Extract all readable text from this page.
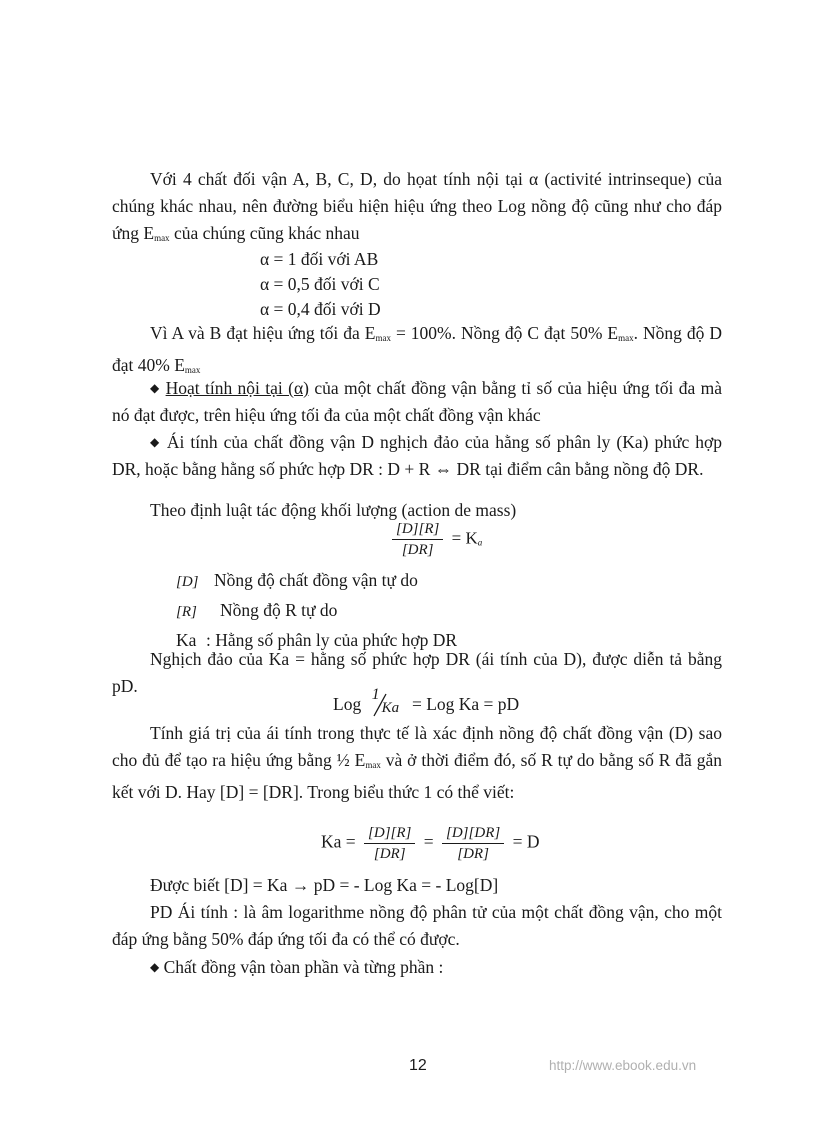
Với 4 chất đối vận A, B, C, D, do họat tính nội tại α (activité intrinseque) của chúng khác nhau, nên đường biểu hiện hiệu ứng theo Log nồng độ cũng như cho đáp ứng $E_{max}$ của chúng cũng khác nhau

α = 1 đối với AB
α = 0,5 đối với C
α = 0,4 đối với D

Vì A và B đạt hiệu ứng tối đa $E_{max} = 100\%$. Nồng độ C đạt 50% $E_{max}$. Nồng độ D đạt 40% $E_{max}$

◆ Hoạt tính nội tại (α) của một chất đồng vận bằng tỉ số của hiệu ứng tối đa mà nó đạt được, trên hiệu ứng tối đa của một chất đồng vận khác

◆ Ái tính của chất đồng vận D nghịch đảo của hằng số phân ly (Ka) phức hợp DR, hoặc bằng hằng số phức hợp DR : D + R ⇔ DR tại điểm cân bằng nồng độ DR.

Theo định luật tác động khối lượng (action de mass)

$\frac{[D][R]}{[DR]} = K_a$
[D] Nồng độ chất đồng vận tự do
[R] Nồng độ R tự do
Ka : Hằng số phân ly của phức hợp DR

Nghịch đảo của Ka = hằng số phức hợp DR (ái tính của D), được diễn tả bằng pD.

Log 1
Ka = Log Ka = pD

Tính giá trị của ái tính trong thực tế là xác định nồng độ chất đồng vận (D) sao cho đủ để tạo ra hiệu ứng bằng ½ $E_{max}$ và ở thời điểm đó, số R tự do bằng số R đã gắn kết với D. Hay [D] = [DR]. Trong biểu thức 1 có thể viết:

$Ka = \frac{[D][R]}{[DR]} = \frac{[D][DR]}{[DR]} = D$

Được biết [D] = Ka → pD = - Log Ka = - Log[D]

PD Ái tính : là âm logarithme nồng độ phân tử của một chất đồng vận, cho một đáp ứng bằng 50% đáp ứng tối đa có thể có được.

◆ Chất đồng vận tòan phần và từng phần :

12	http://www.ebook.edu.vn
